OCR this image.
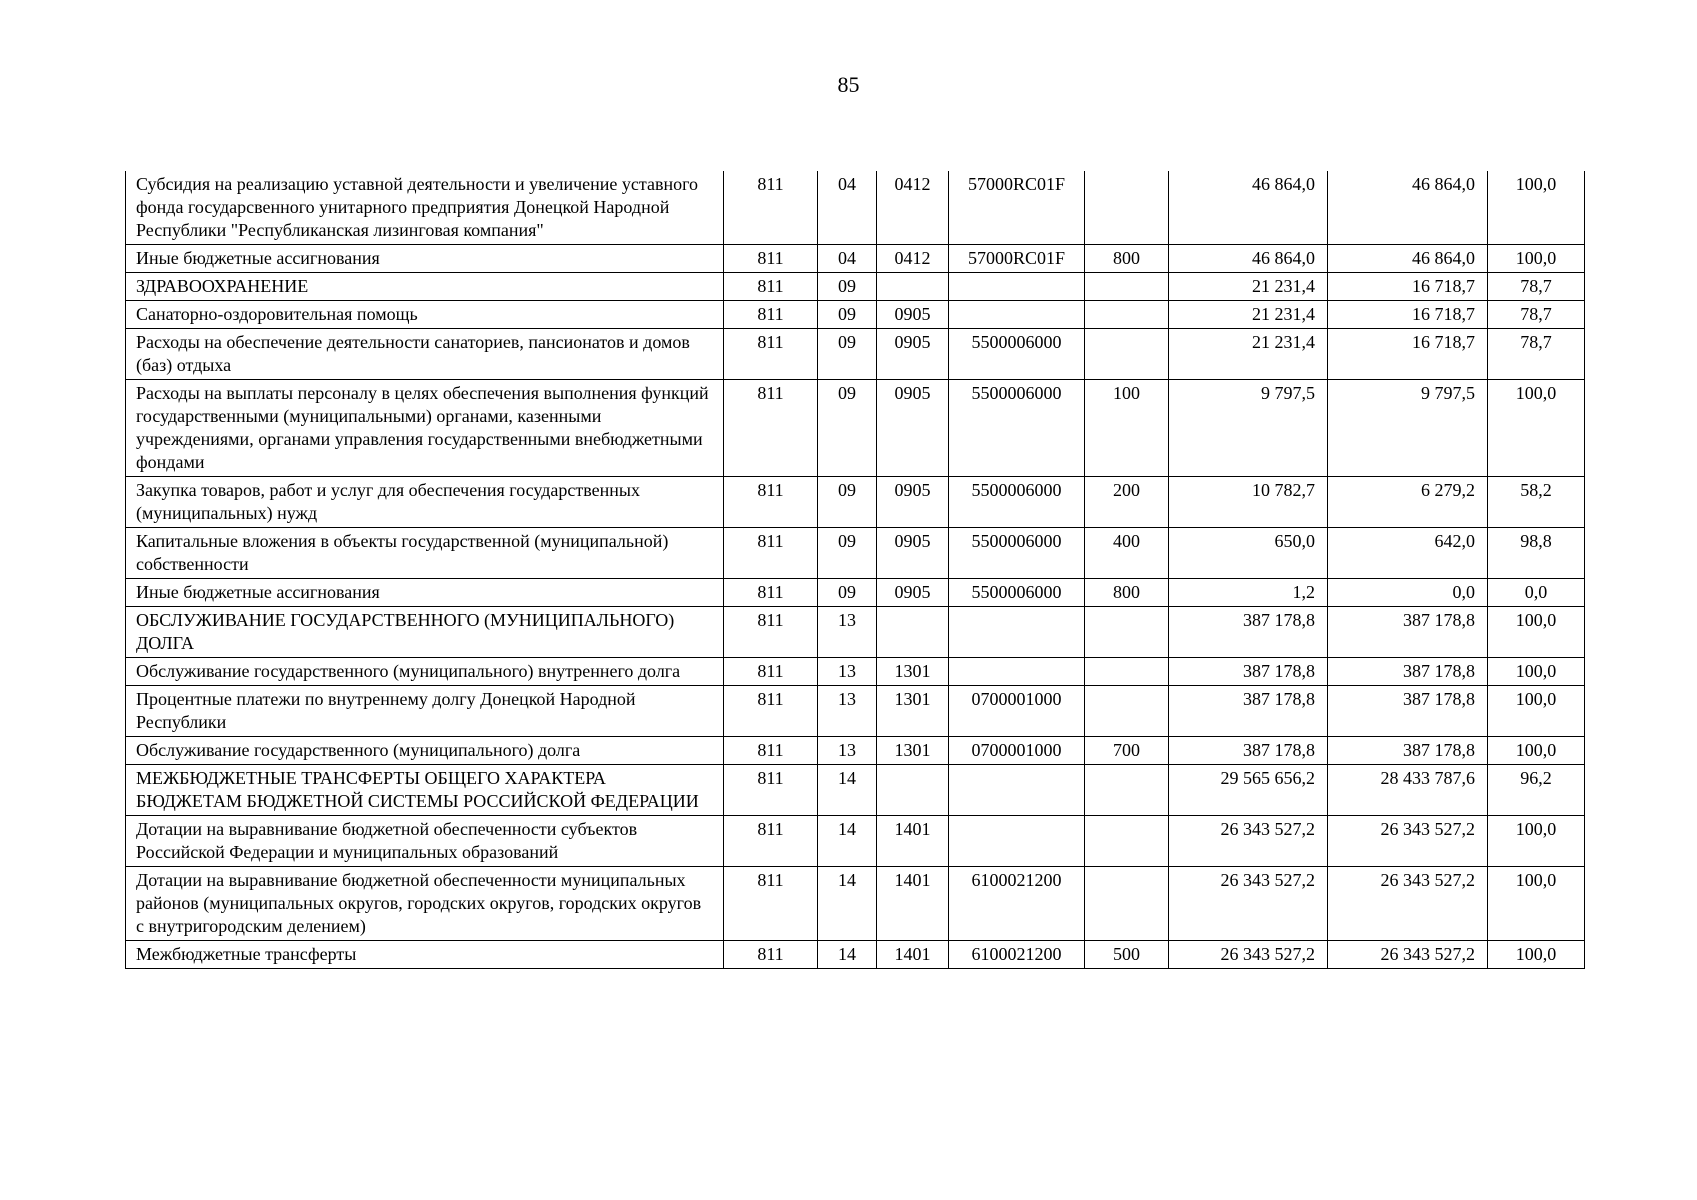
85
Субсидия на реализацию уставной деятельности и увеличение уставного фонда государсвенного унитарного предприятия Донецкой Народной Республики "Республиканская лизинговая компания"	811	04	0412	57000RC01F		46 864,0	46 864,0	100,0
Иные бюджетные ассигнования	811	04	0412	57000RC01F	800	46 864,0	46 864,0	100,0
ЗДРАВООХРАНЕНИЕ	811	09				21 231,4	16 718,7	78,7
Санаторно-оздоровительная помощь	811	09	0905			21 231,4	16 718,7	78,7
Расходы на обеспечение деятельности санаториев, пансионатов и домов (баз) отдыха	811	09	0905	5500006000		21 231,4	16 718,7	78,7
Расходы на выплаты персоналу в целях обеспечения выполнения функций государственными (муниципальными) органами, казенными учреждениями, органами управления государственными внебюджетными фондами	811	09	0905	5500006000	100	9 797,5	9 797,5	100,0
Закупка товаров, работ и услуг для обеспечения государственных (муниципальных) нужд	811	09	0905	5500006000	200	10 782,7	6 279,2	58,2
Капитальные вложения в объекты государственной (муниципальной) собственности	811	09	0905	5500006000	400	650,0	642,0	98,8
Иные бюджетные ассигнования	811	09	0905	5500006000	800	1,2	0,0	0,0
ОБСЛУЖИВАНИЕ ГОСУДАРСТВЕННОГО (МУНИЦИПАЛЬНОГО) ДОЛГА	811	13				387 178,8	387 178,8	100,0
Обслуживание государственного (муниципального) внутреннего долга	811	13	1301			387 178,8	387 178,8	100,0
Процентные платежи по внутреннему долгу Донецкой Народной Республики	811	13	1301	0700001000		387 178,8	387 178,8	100,0
Обслуживание государственного (муниципального) долга	811	13	1301	0700001000	700	387 178,8	387 178,8	100,0
МЕЖБЮДЖЕТНЫЕ ТРАНСФЕРТЫ ОБЩЕГО ХАРАКТЕРА БЮДЖЕТАМ БЮДЖЕТНОЙ СИСТЕМЫ РОССИЙСКОЙ ФЕДЕРАЦИИ	811	14				29 565 656,2	28 433 787,6	96,2
Дотации на выравнивание бюджетной обеспеченности субъектов Российской Федерации и муниципальных образований	811	14	1401			26 343 527,2	26 343 527,2	100,0
Дотации на выравнивание бюджетной обеспеченности муниципальных районов (муниципальных округов, городских округов, городских округов с внутригородским делением)	811	14	1401	6100021200		26 343 527,2	26 343 527,2	100,0
Межбюджетные трансферты	811	14	1401	6100021200	500	26 343 527,2	26 343 527,2	100,0
